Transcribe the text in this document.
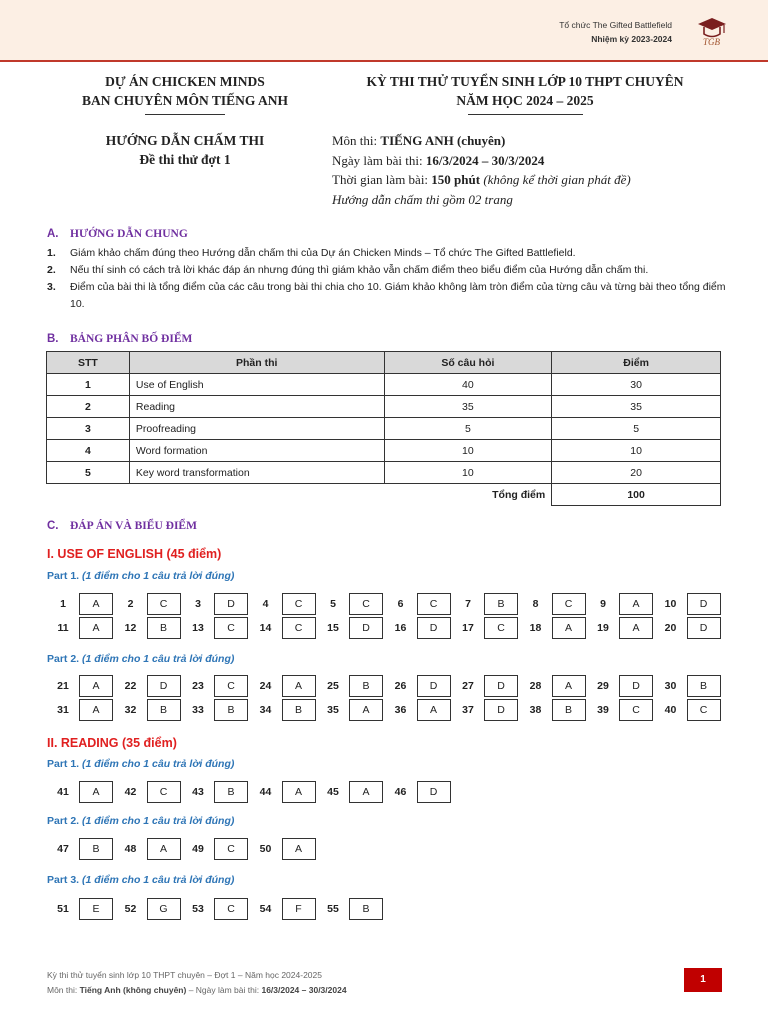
Tổ chức The Gifted Battlefield
Nhiệm kỳ 2023-2024	TGB
DỰ ÁN CHICKEN MINDS
BAN CHUYÊN MÔN TIẾNG ANH
KỲ THI THỬ TUYỂN SINH LỚP 10 THPT CHUYÊN
NĂM HỌC 2024 – 2025
HƯỚNG DẪN CHẤM THI
Đề thi thử đợt 1
Môn thi: TIẾNG ANH (chuyên)
Ngày làm bài thi: 16/3/2024 – 30/3/2024
Thời gian làm bài: 150 phút (không kể thời gian phát đề)
Hướng dẫn chấm thi gồm 02 trang
A. HƯỚNG DẪN CHUNG
1. Giám khảo chấm đúng theo Hướng dẫn chấm thi của Dự án Chicken Minds – Tổ chức The Gifted Battlefield.
2. Nếu thí sinh có cách trả lời khác đáp án nhưng đúng thì giám khảo vẫn chấm điểm theo biểu điểm của Hướng dẫn chấm thi.
3. Điểm của bài thi là tổng điểm của các câu trong bài thi chia cho 10. Giám khảo không làm tròn điểm của từng câu và từng bài theo tổng điểm 10.
B. BẢNG PHÂN BỐ ĐIỂM
STT	Phần thi	Số câu hỏi	Điểm
1	Use of English	40	30
2	Reading	35	35
3	Proofreading	5	5
4	Word formation	10	10
5	Key word transformation	10	20
		Tổng điểm	100
C. ĐÁP ÁN VÀ BIỂU ĐIỂM
I. USE OF ENGLISH (45 điểm)
Part 1. (1 điểm cho 1 câu trả lời đúng)
1	A	2	C	3	D	4	C	5	C	6	C	7	B	8	C	9	A	10	D
11	A	12	B	13	C	14	C	15	D	16	D	17	C	18	A	19	A	20	D
Part 2. (1 điểm cho 1 câu trả lời đúng)
21	A	22	D	23	C	24	A	25	B	26	D	27	D	28	A	29	D	30	B
31	A	32	B	33	B	34	B	35	A	36	A	37	D	38	B	39	C	40	C
II. READING (35 điểm)
Part 1. (1 điểm cho 1 câu trả lời đúng)
41	A	42	C	43	B	44	A	45	A	46	D
Part 2. (1 điểm cho 1 câu trả lời đúng)
47	B	48	A	49	C	50	A
Part 3. (1 điểm cho 1 câu trả lời đúng)
51	E	52	G	53	C	54	F	55	B
Kỳ thi thử tuyển sinh lớp 10 THPT chuyên – Đợt 1 – Năm học 2024-2025
Môn thi: Tiếng Anh (không chuyên) – Ngày làm bài thi: 16/3/2024 – 30/3/2024
1
